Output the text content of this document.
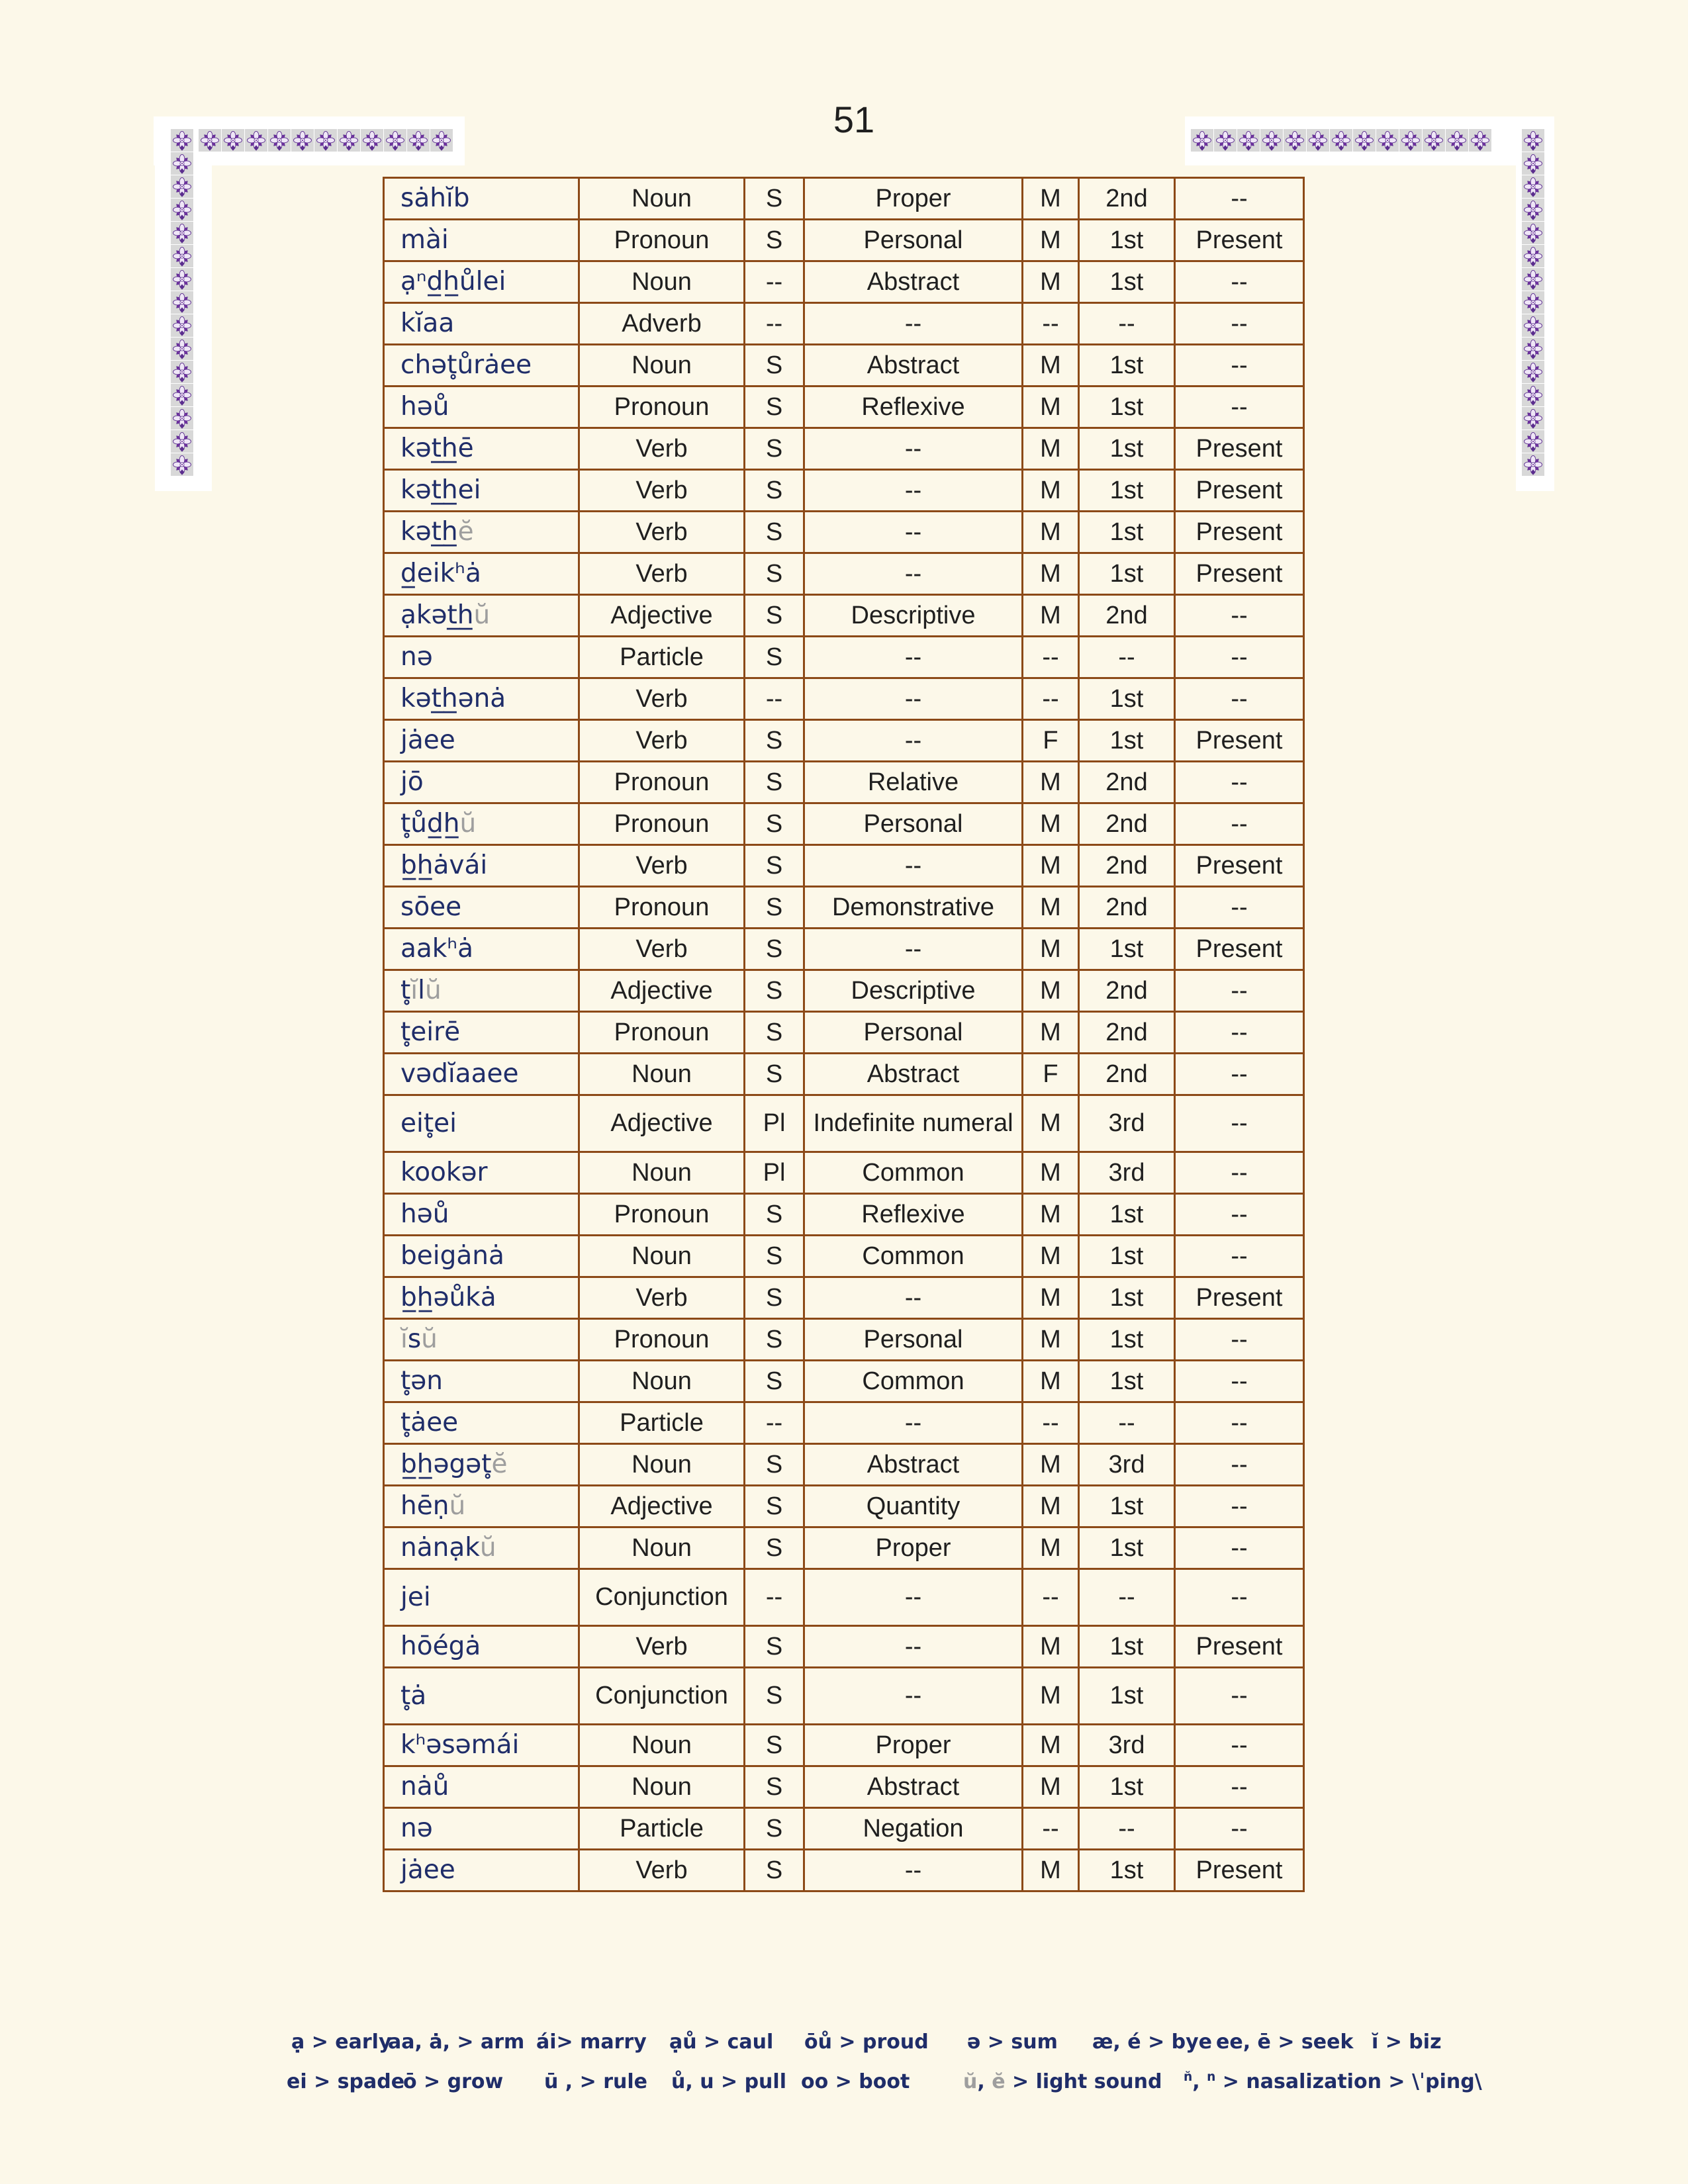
51
sȧhĭb	Noun	S	Proper	M	2nd	--
mài	Pronoun	S	Personal	M	1st	Present
ạⁿd̲h̲ůlei	Noun	--	Abstract	M	1st	--
kĭaa	Adverb	--	--	--	--	--
chət̥ůrȧee	Noun	S	Abstract	M	1st	--
həů	Pronoun	S	Reflexive	M	1st	--
kət̲h̲ē	Verb	S	--	M	1st	Present
kət̲h̲ei	Verb	S	--	M	1st	Present
kət̲h̲ĕ	Verb	S	--	M	1st	Present
d̲eikʰȧ	Verb	S	--	M	1st	Present
ạkət̲h̲ŭ	Adjective	S	Descriptive	M	2nd	--
nə	Particle	S	--	--	--	--
kət̲h̲ənȧ	Verb	--	--	--	1st	--
jȧee	Verb	S	--	F	1st	Present
jō	Pronoun	S	Relative	M	2nd	--
t̥ůd̲h̲ŭ	Pronoun	S	Personal	M	2nd	--
b̲h̲ȧvái	Verb	S	--	M	2nd	Present
sōee	Pronoun	S	Demonstrative	M	2nd	--
aakʰȧ	Verb	S	--	M	1st	Present
t̥ĭlŭ	Adjective	S	Descriptive	M	2nd	--
t̥eirē	Pronoun	S	Personal	M	2nd	--
vədĭaaee	Noun	S	Abstract	F	2nd	--
eit̥ei	Adjective	Pl	Indefinite numeral	M	3rd	--
kookər	Noun	Pl	Common	M	3rd	--
həů	Pronoun	S	Reflexive	M	1st	--
beigȧnȧ	Noun	S	Common	M	1st	--
b̲h̲əůkȧ	Verb	S	--	M	1st	Present
ĭsŭ	Pronoun	S	Personal	M	1st	--
t̥ən	Noun	S	Common	M	1st	--
t̥ȧee	Particle	--	--	--	--	--
b̲h̲əgət̥ĕ	Noun	S	Abstract	M	3rd	--
hēṇŭ	Adjective	S	Quantity	M	1st	--
nȧnạkŭ	Noun	S	Proper	M	1st	--
jei	Conjunction	--	--	--	--	--
hōégȧ	Verb	S	--	M	1st	Present
t̥ȧ	Conjunction	S	--	M	1st	--
kʰəsəmái	Noun	S	Proper	M	3rd	--
nȧů	Noun	S	Abstract	M	1st	--
nə	Particle	S	Negation	--	--	--
jȧee	Verb	S	--	M	1st	Present
ạ > early
aa, ȧ, > arm ái> marry ạů > caul ōů > proud ə > sum æ, é > bye ee, ē > seek ĭ > biz
ei > spade
ō > grow ū , > rule ů, u > pull oo > boot	ŭ, ĕ > light sound $^{n̆}$, $^n$ > nasalization > \ˈping\
